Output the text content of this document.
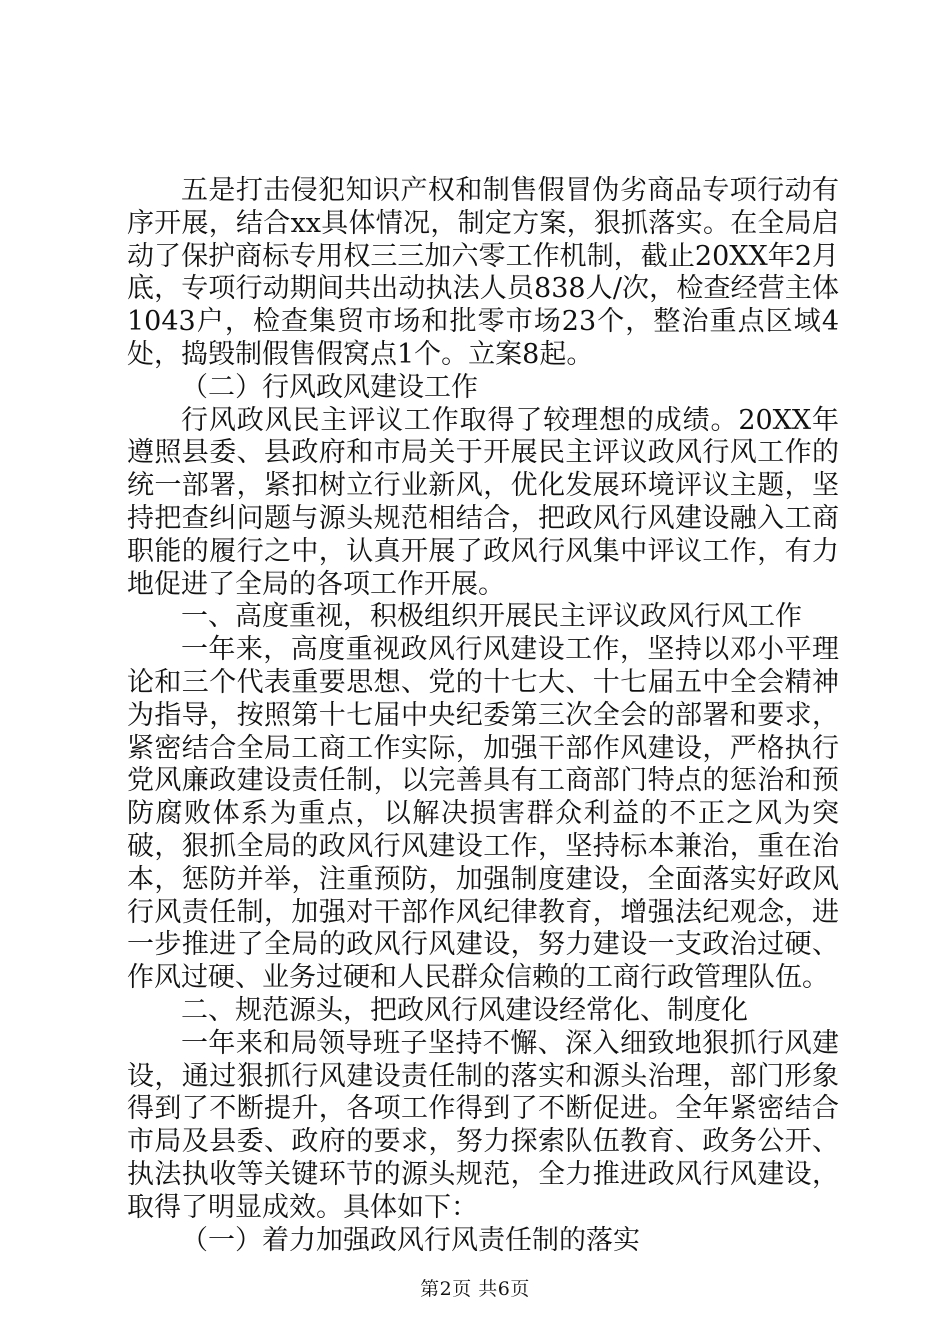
五是打击侵犯知识产权和制售假冒伪劣商品专项行动有序开展，结合xx具体情况，制定方案，狠抓落实。在全局启动了保护商标专用权三三加六零工作机制，截止20XX年2月底，专项行动期间共出动执法人员838人/次，检查经营主体1043户，检查集贸市场和批零市场23个，整治重点区域4处，捣毁制假售假窝点1个。立案8起。

（二）行风政风建设工作

行风政风民主评议工作取得了较理想的成绩。20XX年遵照县委、县政府和市局关于开展民主评议政风行风工作的统一部署，紧扣树立行业新风，优化发展环境评议主题，坚持把查纠问题与源头规范相结合，把政风行风建设融入工商职能的履行之中，认真开展了政风行风集中评议工作，有力地促进了全局的各项工作开展。

一、高度重视，积极组织开展民主评议政风行风工作

一年来，高度重视政风行风建设工作，坚持以邓小平理论和三个代表重要思想、党的十七大、十七届五中全会精神为指导，按照第十七届中央纪委第三次全会的部署和要求，紧密结合全局工商工作实际，加强干部作风建设，严格执行党风廉政建设责任制，以完善具有工商部门特点的惩治和预防腐败体系为重点，以解决损害群众利益的不正之风为突破，狠抓全局的政风行风建设工作，坚持标本兼治，重在治本，惩防并举，注重预防，加强制度建设，全面落实好政风行风责任制，加强对干部作风纪律教育，增强法纪观念，进一步推进了全局的政风行风建设，努力建设一支政治过硬、作风过硬、业务过硬和人民群众信赖的工商行政管理队伍。

二、规范源头，把政风行风建设经常化、制度化

一年来和局领导班子坚持不懈、深入细致地狠抓行风建设，通过狠抓行风建设责任制的落实和源头治理，部门形象得到了不断提升，各项工作得到了不断促进。全年紧密结合市局及县委、政府的要求，努力探索队伍教育、政务公开、执法执收等关键环节的源头规范，全力推进政风行风建设，取得了明显成效。具体如下：

（一）着力加强政风行风责任制的落实

第2页 共6页
